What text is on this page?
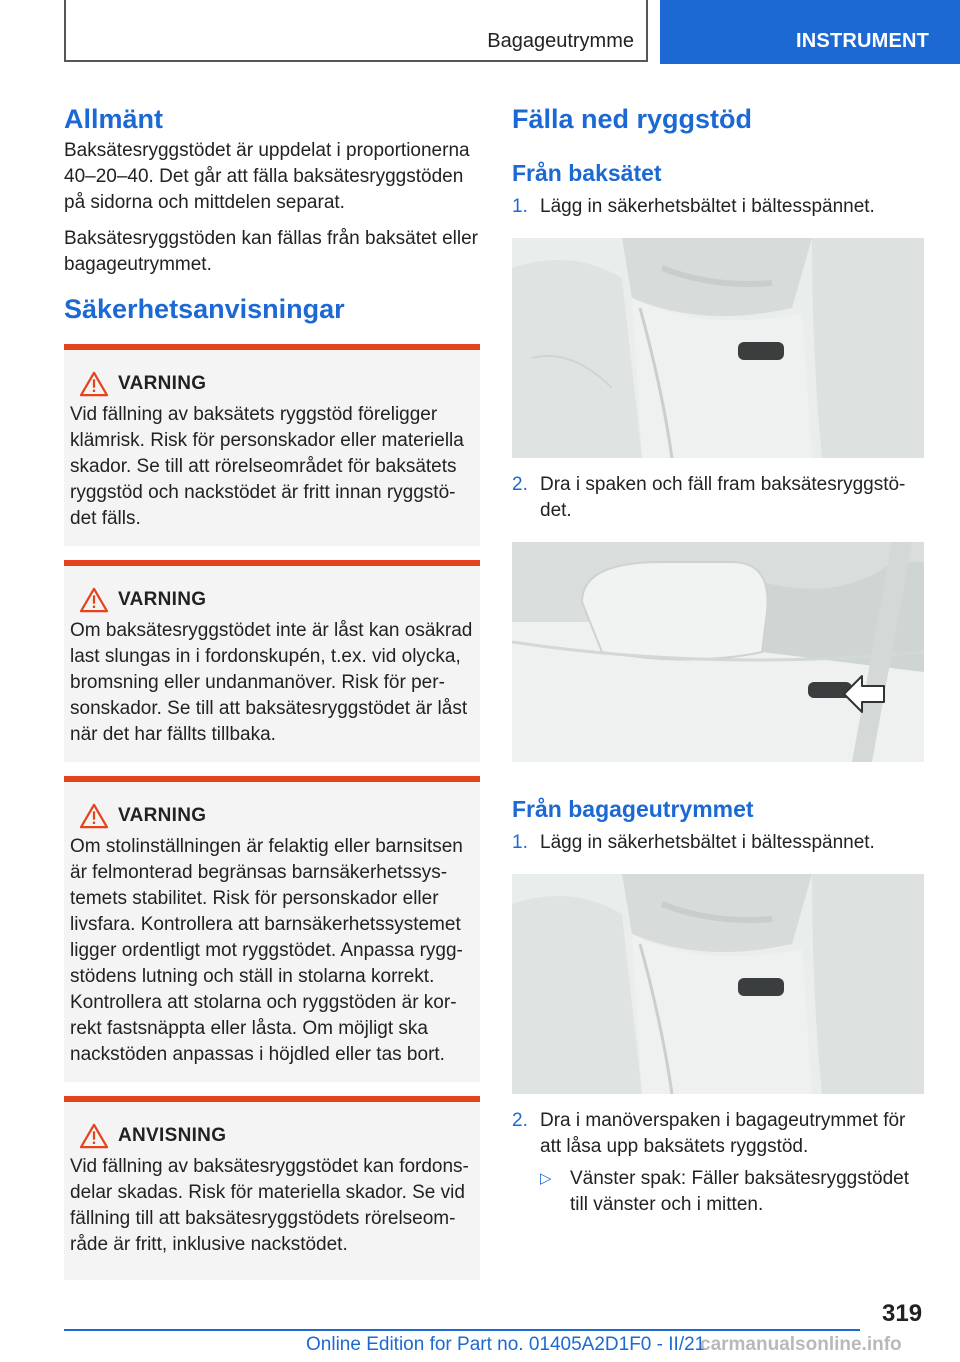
Bagageutrymme	INSTRUMENT
Allmänt

Baksätesryggstödet är uppdelat i proportionerna 40–20–40. Det går att fälla baksätesryggstöden på sidorna och mittdelen separat.

Baksätesryggstöden kan fällas från baksätet eller bagageutrymmet.

Säkerhetsanvisningar
VARNING

Vid fällning av baksätets ryggstöd föreligger klämrisk. Risk för personskador eller materiella skador. Se till att rörelseområdet för baksätets ryggstöd och nackstödet är fritt innan ryggstö-det fälls.

VARNING

Om baksätesryggstödet inte är låst kan osäkrad last slungas in i fordonskupén, t.ex. vid olycka, bromsning eller undanmanöver. Risk för per-sonskador. Se till att baksätesryggstödet är låst när det har fällts tillbaka.

VARNING

Om stolinställningen är felaktig eller barnsitsen är felmonterad begränsas barnsäkerhetssys-temets stabilitet. Risk för personskador eller livsfara. Kontrollera att barnsäkerhetssystemet ligger ordentligt mot ryggstödet. Anpassa rygg-stödens lutning och ställ in stolarna korrekt. Kontrollera att stolarna och ryggstöden är kor-rekt fastsnäppta eller låsta. Om möjligt ska nackstöden anpassas i höjdled eller tas bort.

ANVISNING

Vid fällning av baksätesryggstödet kan fordons-delar skadas. Risk för materiella skador. Se vid fällning till att baksätesryggstödets rörelseom-råde är fritt, inklusive nackstödet.

Fälla ned ryggstöd
Från baksätet
1. Lägg in säkerhetsbältet i bältesspännet.
2. Dra i spaken och fäll fram baksätesryggstö-det.
Från bagageutrymmet
1. Lägg in säkerhetsbältet i bältesspännet.
2. Dra i manöverspaken i bagageutrymmet för att låsa upp baksätets ryggstöd.
▷ Vänster spak: Fäller baksätesryggstödet till vänster och i mitten.
319
Online Edition for Part no. 01405A2D1F0 - II/21
carmanualsonline.info
